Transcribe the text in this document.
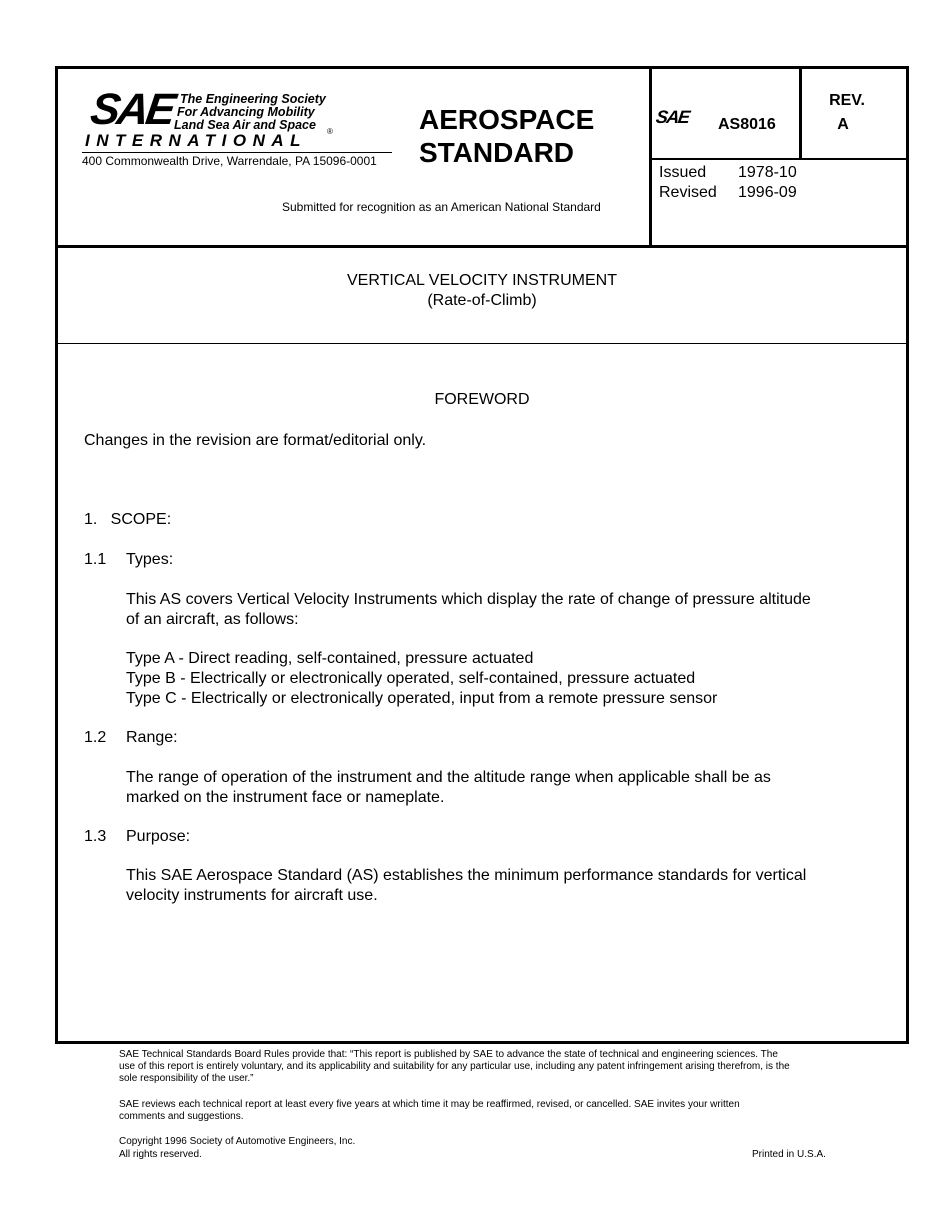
SAE The Engineering Society
For Advancing Mobility
Land Sea Air and Space ®
INTERNATIONAL
400 Commonwealth Drive, Warrendale, PA 15096-0001
AEROSPACE
STANDARD
Submitted for recognition as an American National Standard
SAE AS8016
REV.
A
Issued 1978-10
Revised 1996-09
VERTICAL VELOCITY INSTRUMENT
(Rate-of-Climb)
FOREWORD
Changes in the revision are format/editorial only.
1.   SCOPE:
1.1 Types:
This AS covers Vertical Velocity Instruments which display the rate of change of pressure altitude
of an aircraft, as follows:
Type A - Direct reading, self-contained, pressure actuated
Type B - Electrically or electronically operated, self-contained, pressure actuated
Type C - Electrically or electronically operated, input from a remote pressure sensor
1.2 Range:
The range of operation of the instrument and the altitude range when applicable shall be as
marked on the instrument face or nameplate.
1.3 Purpose:
This SAE Aerospace Standard (AS) establishes the minimum performance standards for vertical
velocity instruments for aircraft use.
SAE Technical Standards Board Rules provide that: “This report is published by SAE to advance the state of technical and engineering sciences. The
use of this report is entirely voluntary, and its applicability and suitability for any particular use, including any patent infringement arising therefrom, is the
sole responsibility of the user.”
SAE reviews each technical report at least every five years at which time it may be reaffirmed, revised, or cancelled. SAE invites your written
comments and suggestions.
Copyright 1996 Society of Automotive Engineers, Inc.
All rights reserved.	Printed in U.S.A.
